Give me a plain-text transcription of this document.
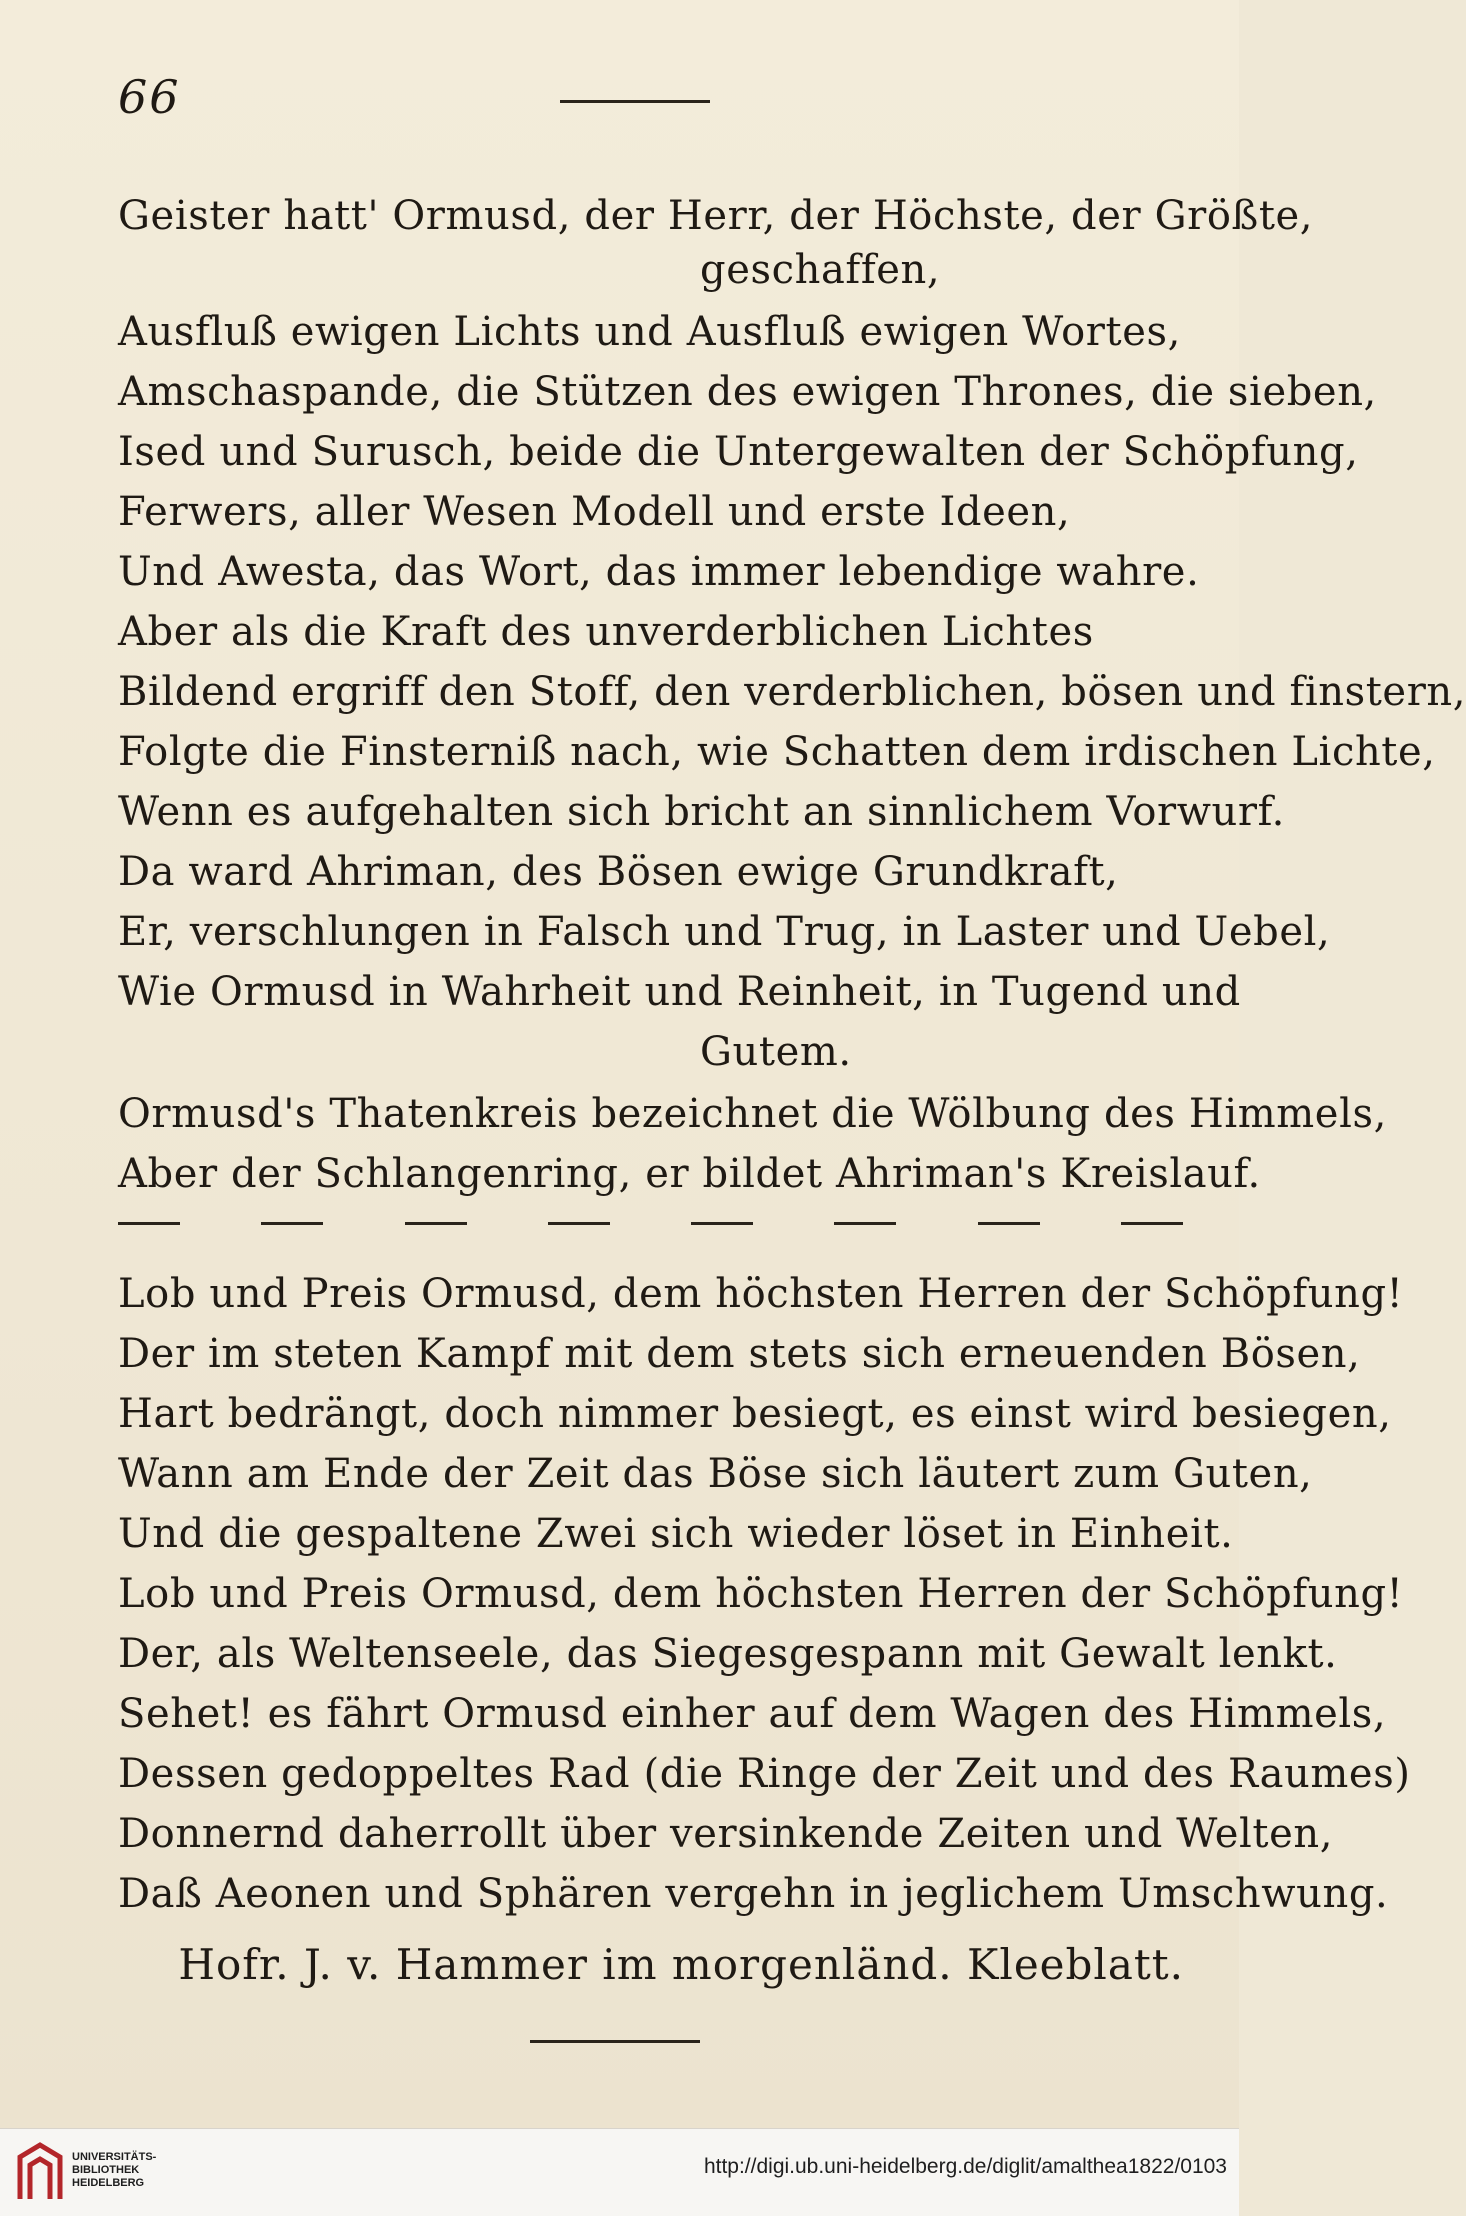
66
Geister hatt' Ormusd, der Herr, der Höchste, der Größte,
geschaffen,
Ausfluß ewigen Lichts und Ausfluß ewigen Wortes,
Amschaspande, die Stützen des ewigen Thrones, die sieben,
Ised und Surusch, beide die Untergewalten der Schöpfung,
Ferwers, aller Wesen Modell und erste Ideen,
Und Awesta, das Wort, das immer lebendige wahre.
Aber als die Kraft des unverderblichen Lichtes
Bildend ergriff den Stoff, den verderblichen, bösen und finstern,
Folgte die Finsterniß nach, wie Schatten dem irdischen Lichte,
Wenn es aufgehalten sich bricht an sinnlichem Vorwurf.
Da ward Ahriman, des Bösen ewige Grundkraft,
Er, verschlungen in Falsch und Trug, in Laster und Uebel,
Wie Ormusd in Wahrheit und Reinheit, in Tugend und
Gutem.
Ormusd's Thatenkreis bezeichnet die Wölbung des Himmels,
Aber der Schlangenring, er bildet Ahriman's Kreislauf.
Lob und Preis Ormusd, dem höchsten Herren der Schöpfung!
Der im steten Kampf mit dem stets sich erneuenden Bösen,
Hart bedrängt, doch nimmer besiegt, es einst wird besiegen,
Wann am Ende der Zeit das Böse sich läutert zum Guten,
Und die gespaltene Zwei sich wieder löset in Einheit.
Lob und Preis Ormusd, dem höchsten Herren der Schöpfung!
Der, als Weltenseele, das Siegesgespann mit Gewalt lenkt.
Sehet! es fährt Ormusd einher auf dem Wagen des Himmels,
Dessen gedoppeltes Rad (die Ringe der Zeit und des Raumes)
Donnernd daherrollt über versinkende Zeiten und Welten,
Daß Aeonen und Sphären vergehn in jeglichem Umschwung.
Hofr. J. v. Hammer im morgenländ. Kleeblatt.
UNIVERSITÄTS-
BIBLIOTHEK
HEIDELBERG
http://digi.ub.uni-heidelberg.de/diglit/amalthea1822/0103
